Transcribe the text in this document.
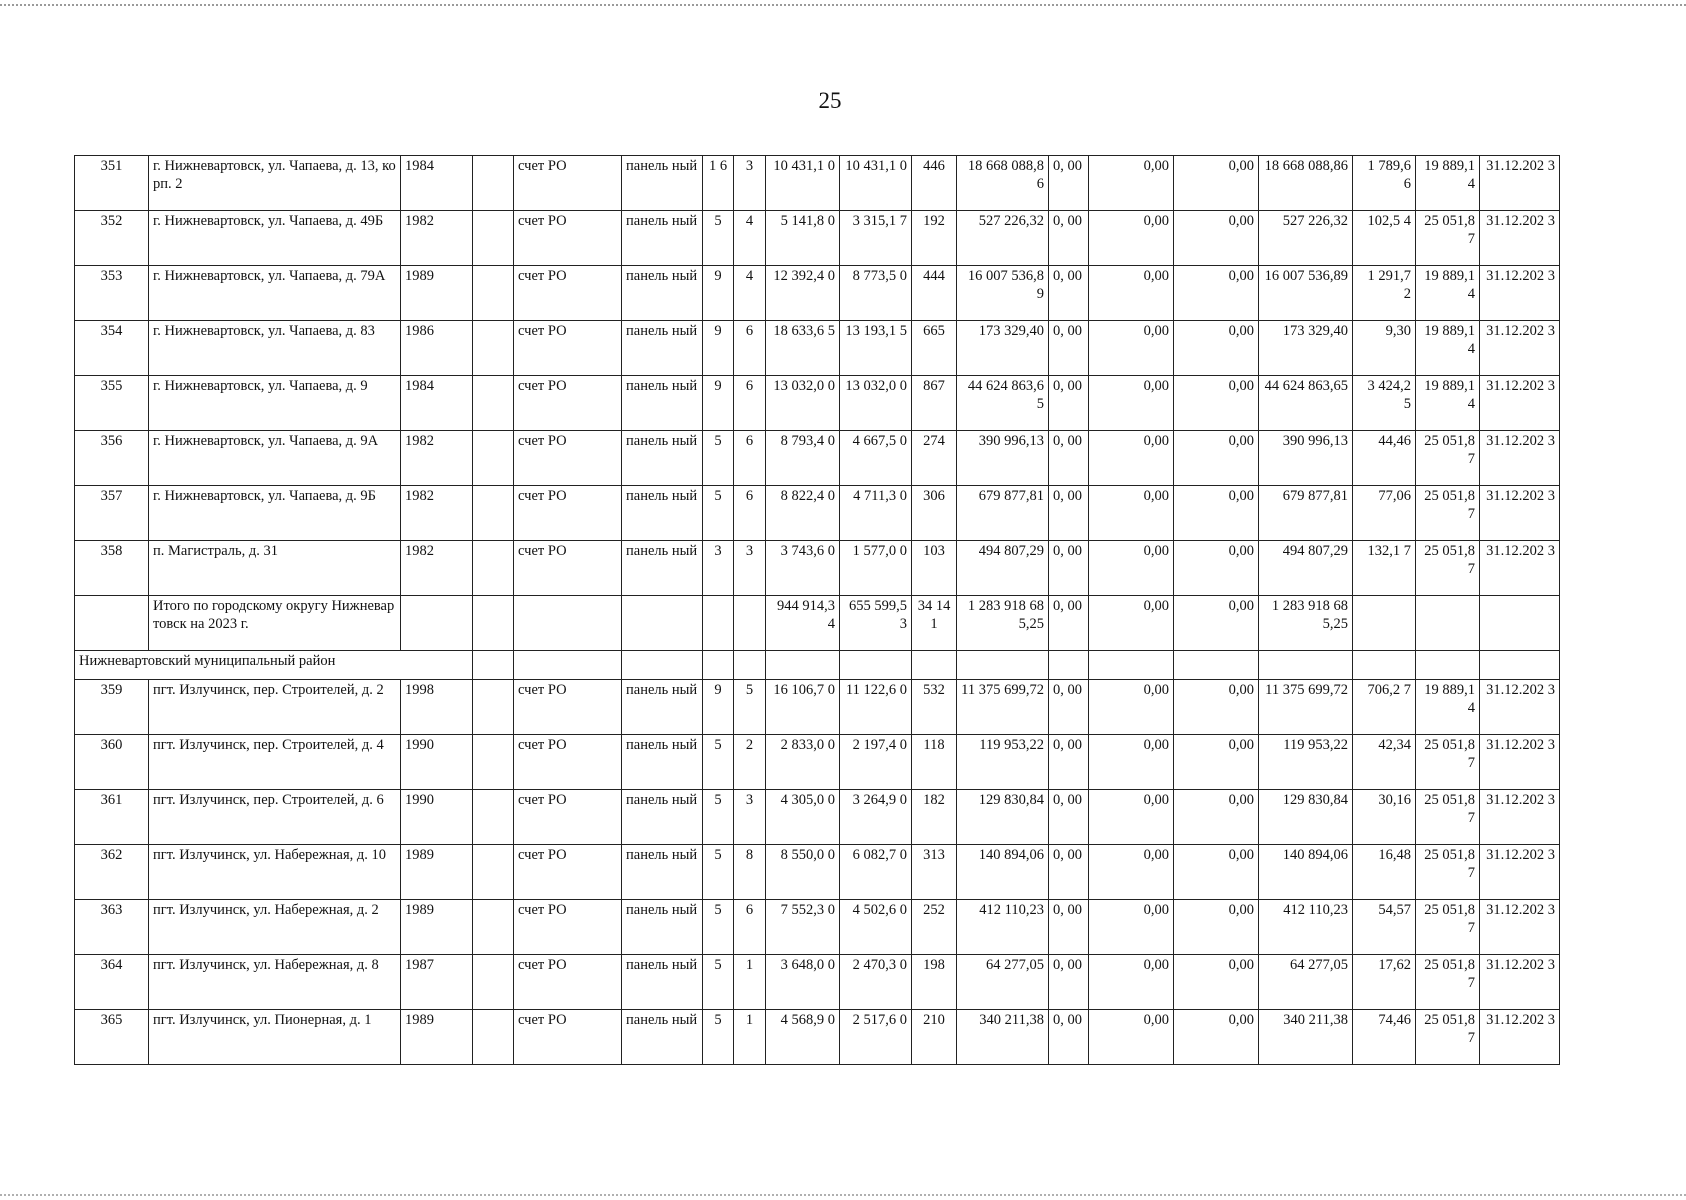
25
351	г. Нижневартовск, ул. Чапаева, д. 13, корп. 2	1984		счет РО	панель ный	1 6	3	10 431,1 0	10 431,1 0	446	18 668 088,86	0, 00	0,00	0,00	18 668 088,86	1 789,6 6	19 889,1 4	31.12.202 3
352	г. Нижневартовск, ул. Чапаева, д. 49Б	1982		счет РО	панель ный	5	4	5 141,8 0	3 315,1 7	192	527 226,32	0, 00	0,00	0,00	527 226,32	102,5 4	25 051,8 7	31.12.202 3
353	г. Нижневартовск, ул. Чапаева, д. 79А	1989		счет РО	панель ный	9	4	12 392,4 0	8 773,5 0	444	16 007 536,89	0, 00	0,00	0,00	16 007 536,89	1 291,7 2	19 889,1 4	31.12.202 3
354	г. Нижневартовск, ул. Чапаева, д. 83	1986		счет РО	панель ный	9	6	18 633,6 5	13 193,1 5	665	173 329,40	0, 00	0,00	0,00	173 329,40	9,30	19 889,1 4	31.12.202 3
355	г. Нижневартовск, ул. Чапаева, д. 9	1984		счет РО	панель ный	9	6	13 032,0 0	13 032,0 0	867	44 624 863,65	0, 00	0,00	0,00	44 624 863,65	3 424,2 5	19 889,1 4	31.12.202 3
356	г. Нижневартовск, ул. Чапаева, д. 9А	1982		счет РО	панель ный	5	6	8 793,4 0	4 667,5 0	274	390 996,13	0, 00	0,00	0,00	390 996,13	44,46	25 051,8 7	31.12.202 3
357	г. Нижневартовск, ул. Чапаева, д. 9Б	1982		счет РО	панель ный	5	6	8 822,4 0	4 711,3 0	306	679 877,81	0, 00	0,00	0,00	679 877,81	77,06	25 051,8 7	31.12.202 3
358	п. Магистраль, д. 31	1982		счет РО	панель ный	3	3	3 743,6 0	1 577,0 0	103	494 807,29	0, 00	0,00	0,00	494 807,29	132,1 7	25 051,8 7	31.12.202 3
	Итого по городскому округу Нижневартовск на 2023 г.							944 914,3 4	655 599,5 3	34 141	1 283 918 685,25	0, 00	0,00	0,00	1 283 918 685,25			
Нижневартовский муниципальный район																		
359	пгт. Излучинск, пер. Строителей, д. 2	1998		счет РО	панель ный	9	5	16 106,7 0	11 122,6 0	532	11 375 699,72	0, 00	0,00	0,00	11 375 699,72	706,2 7	19 889,1 4	31.12.202 3
360	пгт. Излучинск, пер. Строителей, д. 4	1990		счет РО	панель ный	5	2	2 833,0 0	2 197,4 0	118	119 953,22	0, 00	0,00	0,00	119 953,22	42,34	25 051,8 7	31.12.202 3
361	пгт. Излучинск, пер. Строителей, д. 6	1990		счет РО	панель ный	5	3	4 305,0 0	3 264,9 0	182	129 830,84	0, 00	0,00	0,00	129 830,84	30,16	25 051,8 7	31.12.202 3
362	пгт. Излучинск, ул. Набережная, д. 10	1989		счет РО	панель ный	5	8	8 550,0 0	6 082,7 0	313	140 894,06	0, 00	0,00	0,00	140 894,06	16,48	25 051,8 7	31.12.202 3
363	пгт. Излучинск, ул. Набережная, д. 2	1989		счет РО	панель ный	5	6	7 552,3 0	4 502,6 0	252	412 110,23	0, 00	0,00	0,00	412 110,23	54,57	25 051,8 7	31.12.202 3
364	пгт. Излучинск, ул. Набережная, д. 8	1987		счет РО	панель ный	5	1	3 648,0 0	2 470,3 0	198	64 277,05	0, 00	0,00	0,00	64 277,05	17,62	25 051,8 7	31.12.202 3
365	пгт. Излучинск, ул. Пионерная, д. 1	1989		счет РО	панель ный	5	1	4 568,9 0	2 517,6 0	210	340 211,38	0, 00	0,00	0,00	340 211,38	74,46	25 051,8 7	31.12.202 3
